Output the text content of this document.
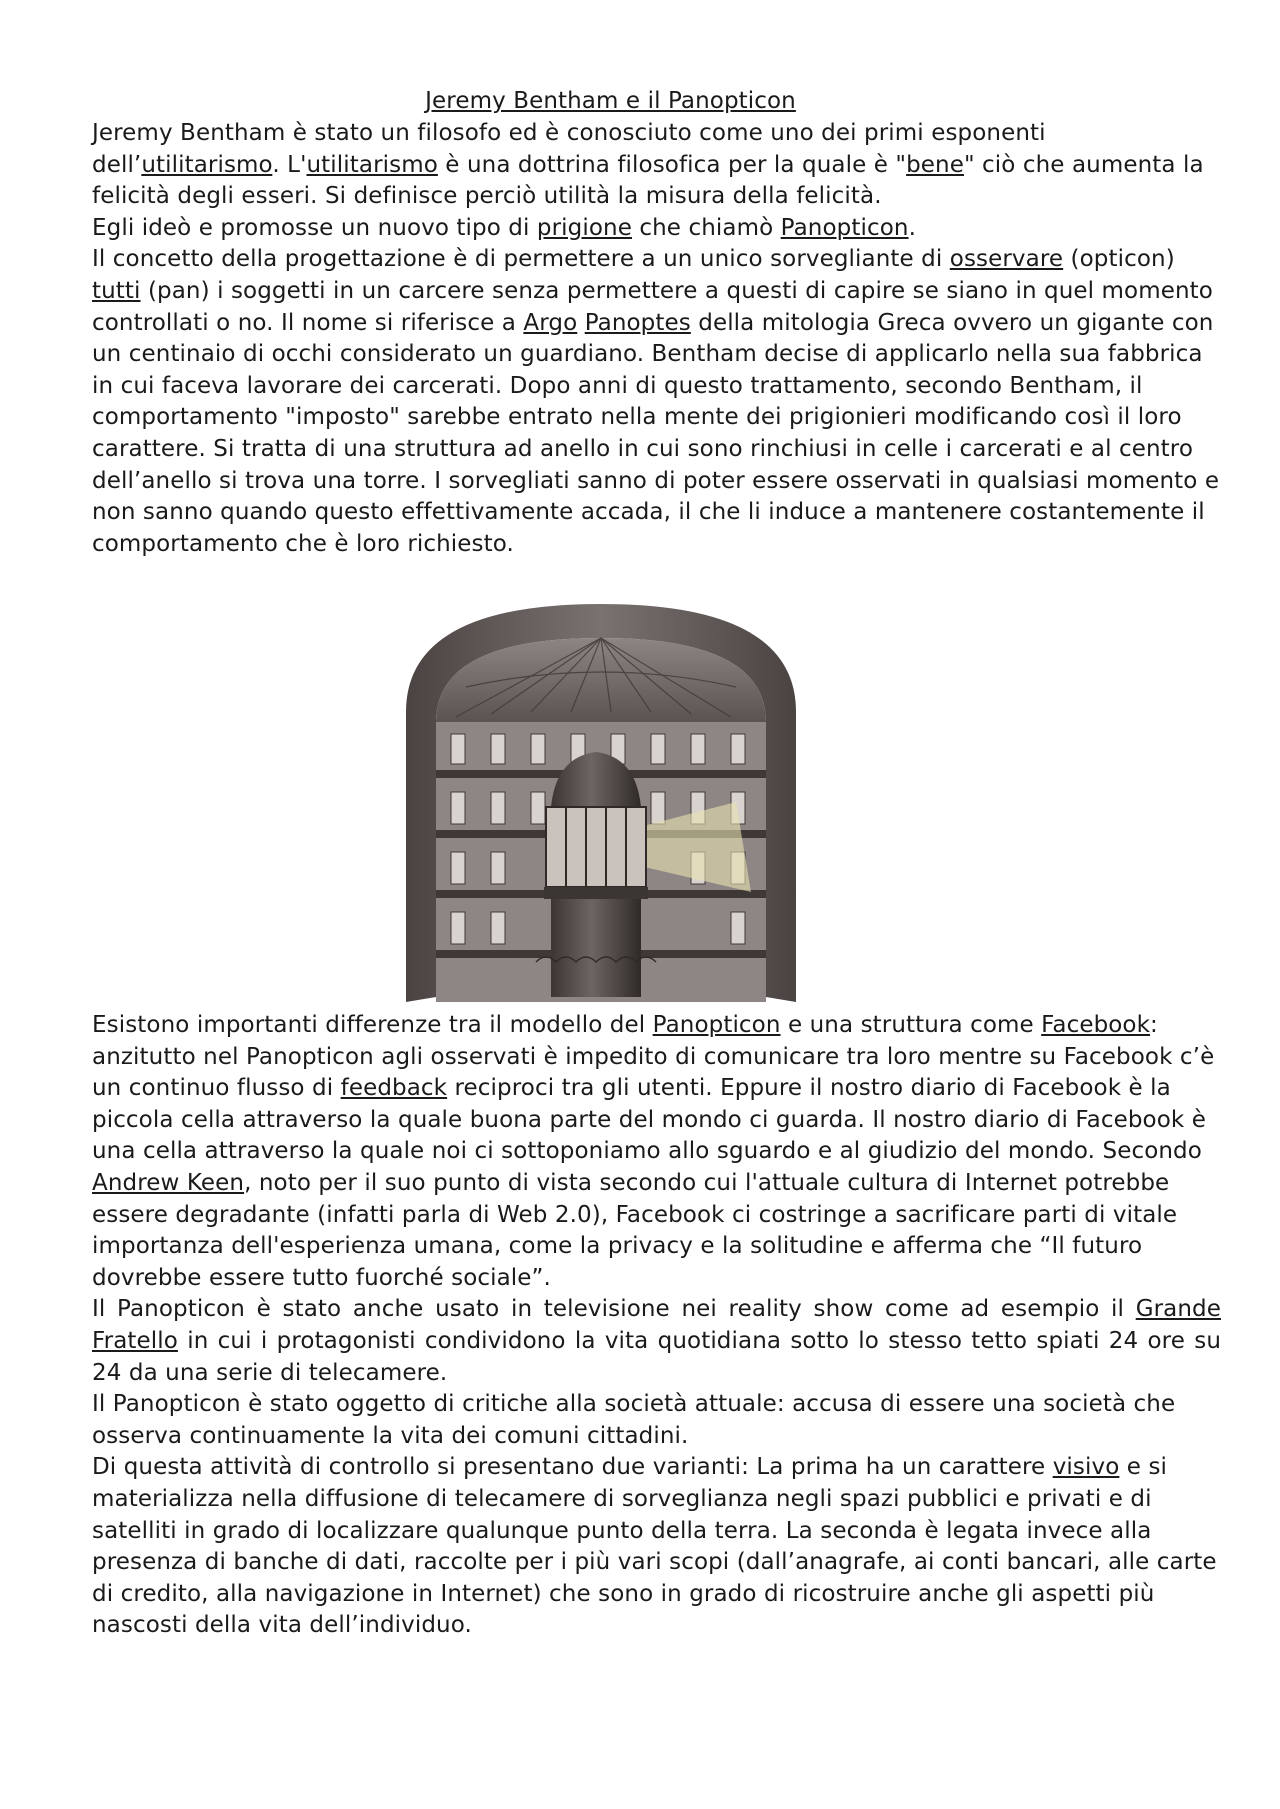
Jeremy Bentham e il Panopticon

Jeremy Bentham è stato un filosofo ed è conosciuto come uno dei primi esponenti dell’utilitarismo. L'utilitarismo è una dottrina filosofica per la quale è "bene" ciò che aumenta la felicità degli esseri. Si definisce perciò utilità la misura della felicità.

Egli ideò e promosse un nuovo tipo di prigione che chiamò Panopticon.

Il concetto della progettazione è di permettere a un unico sorvegliante di osservare (opticon) tutti (pan) i soggetti in un carcere senza permettere a questi di capire se siano in quel momento controllati o no. Il nome si riferisce a Argo Panoptes della mitologia Greca ovvero un gigante con un centinaio di occhi considerato un guardiano. Bentham decise di applicarlo nella sua fabbrica in cui faceva lavorare dei carcerati. Dopo anni di questo trattamento, secondo Bentham, il comportamento "imposto" sarebbe entrato nella mente dei prigionieri modificando così il loro carattere. Si tratta di una struttura ad anello in cui sono rinchiusi in celle i carcerati e al centro dell’anello si trova una torre. I sorvegliati sanno di poter essere osservati in qualsiasi momento e non sanno quando questo effettivamente accada, il che li induce a mantenere costantemente il comportamento che è loro richiesto.

Esistono importanti differenze tra il modello del Panopticon e una struttura come Facebook: anzitutto nel Panopticon agli osservati è impedito di comunicare tra loro mentre su Facebook c’è un continuo flusso di feedback reciproci tra gli utenti. Eppure il nostro diario di Facebook è la piccola cella attraverso la quale buona parte del mondo ci guarda. Il nostro diario di Facebook è una cella attraverso la quale noi ci sottoponiamo allo sguardo e al giudizio del mondo. Secondo Andrew Keen, noto per il suo punto di vista secondo cui l'attuale cultura di Internet potrebbe essere degradante (infatti parla di Web 2.0), Facebook ci costringe a sacrificare parti di vitale importanza dell'esperienza umana, come la privacy e la solitudine e afferma che “Il futuro dovrebbe essere tutto fuorché sociale”.

Il Panopticon è stato anche usato in televisione nei reality show come ad esempio il Grande Fratello in cui i protagonisti condividono la vita quotidiana sotto lo stesso tetto spiati 24 ore su 24 da una serie di telecamere.

Il Panopticon è stato oggetto di critiche alla società attuale: accusa di essere una società che osserva continuamente la vita dei comuni cittadini.

Di questa attività di controllo si presentano due varianti: La prima ha un carattere visivo e si materializza nella diffusione di telecamere di sorveglianza negli spazi pubblici e privati e di satelliti in grado di localizzare qualunque punto della terra. La seconda è legata invece alla presenza di banche di dati, raccolte per i più vari scopi (dall’anagrafe, ai conti bancari, alle carte di credito, alla navigazione in Internet) che sono in grado di ricostruire anche gli aspetti più nascosti della vita dell’individuo.
